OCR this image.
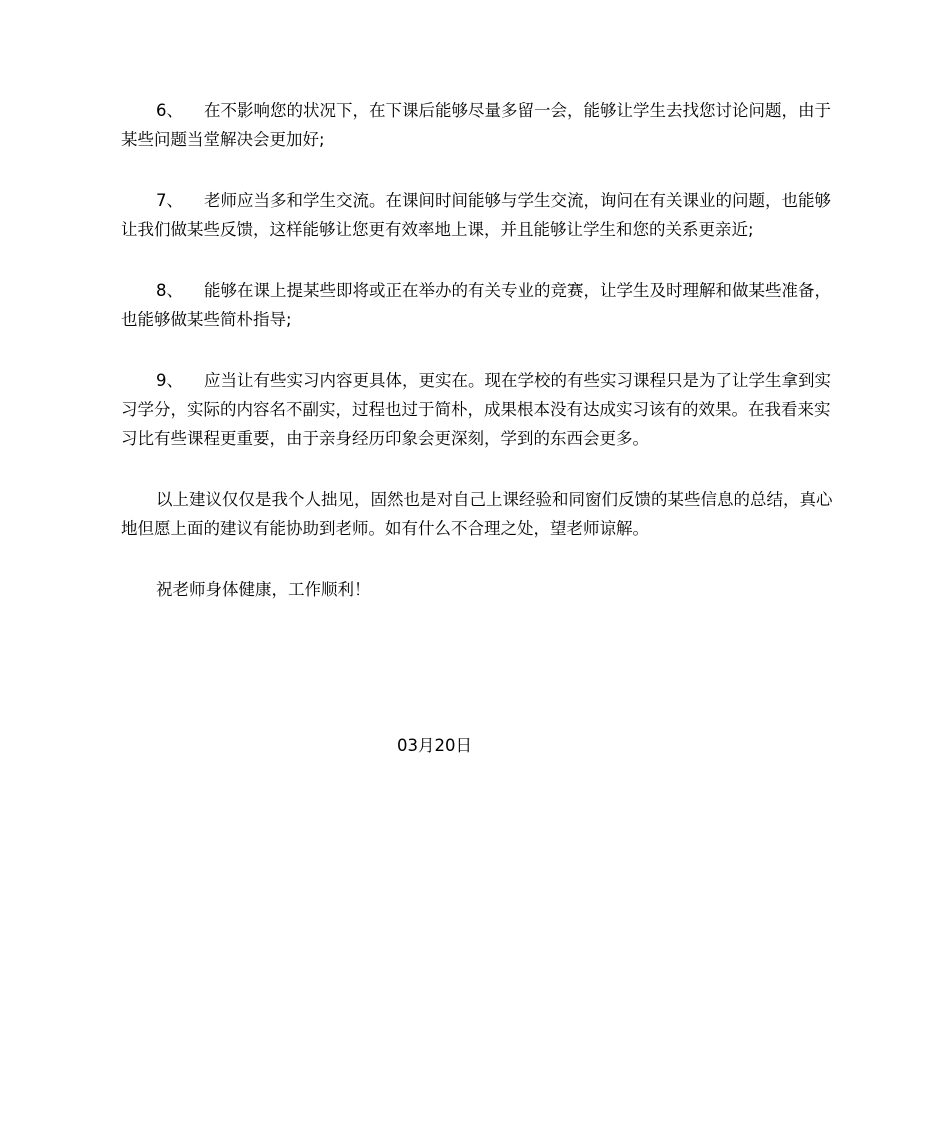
6、 在不影响您的状况下，在下课后能够尽量多留一会，能够让学生去找您讨论问题，由于某些问题当堂解决会更加好;

7、 老师应当多和学生交流。在课间时间能够与学生交流，询问在有关课业的问题，也能够让我们做某些反馈，这样能够让您更有效率地上课，并且能够让学生和您的关系更亲近;

8、 能够在课上提某些即将或正在举办的有关专业的竞赛，让学生及时理解和做某些准备，也能够做某些简朴指导;

9、 应当让有些实习内容更具体，更实在。现在学校的有些实习课程只是为了让学生拿到实习学分，实际的内容名不副实，过程也过于简朴，成果根本没有达成实习该有的效果。在我看来实习比有些课程更重要，由于亲身经历印象会更深刻，学到的东西会更多。

以上建议仅仅是我个人拙见，固然也是对自己上课经验和同窗们反馈的某些信息的总结，真心地但愿上面的建议有能协助到老师。如有什么不合理之处，望老师谅解。

祝老师身体健康，工作顺利！

03月20日
